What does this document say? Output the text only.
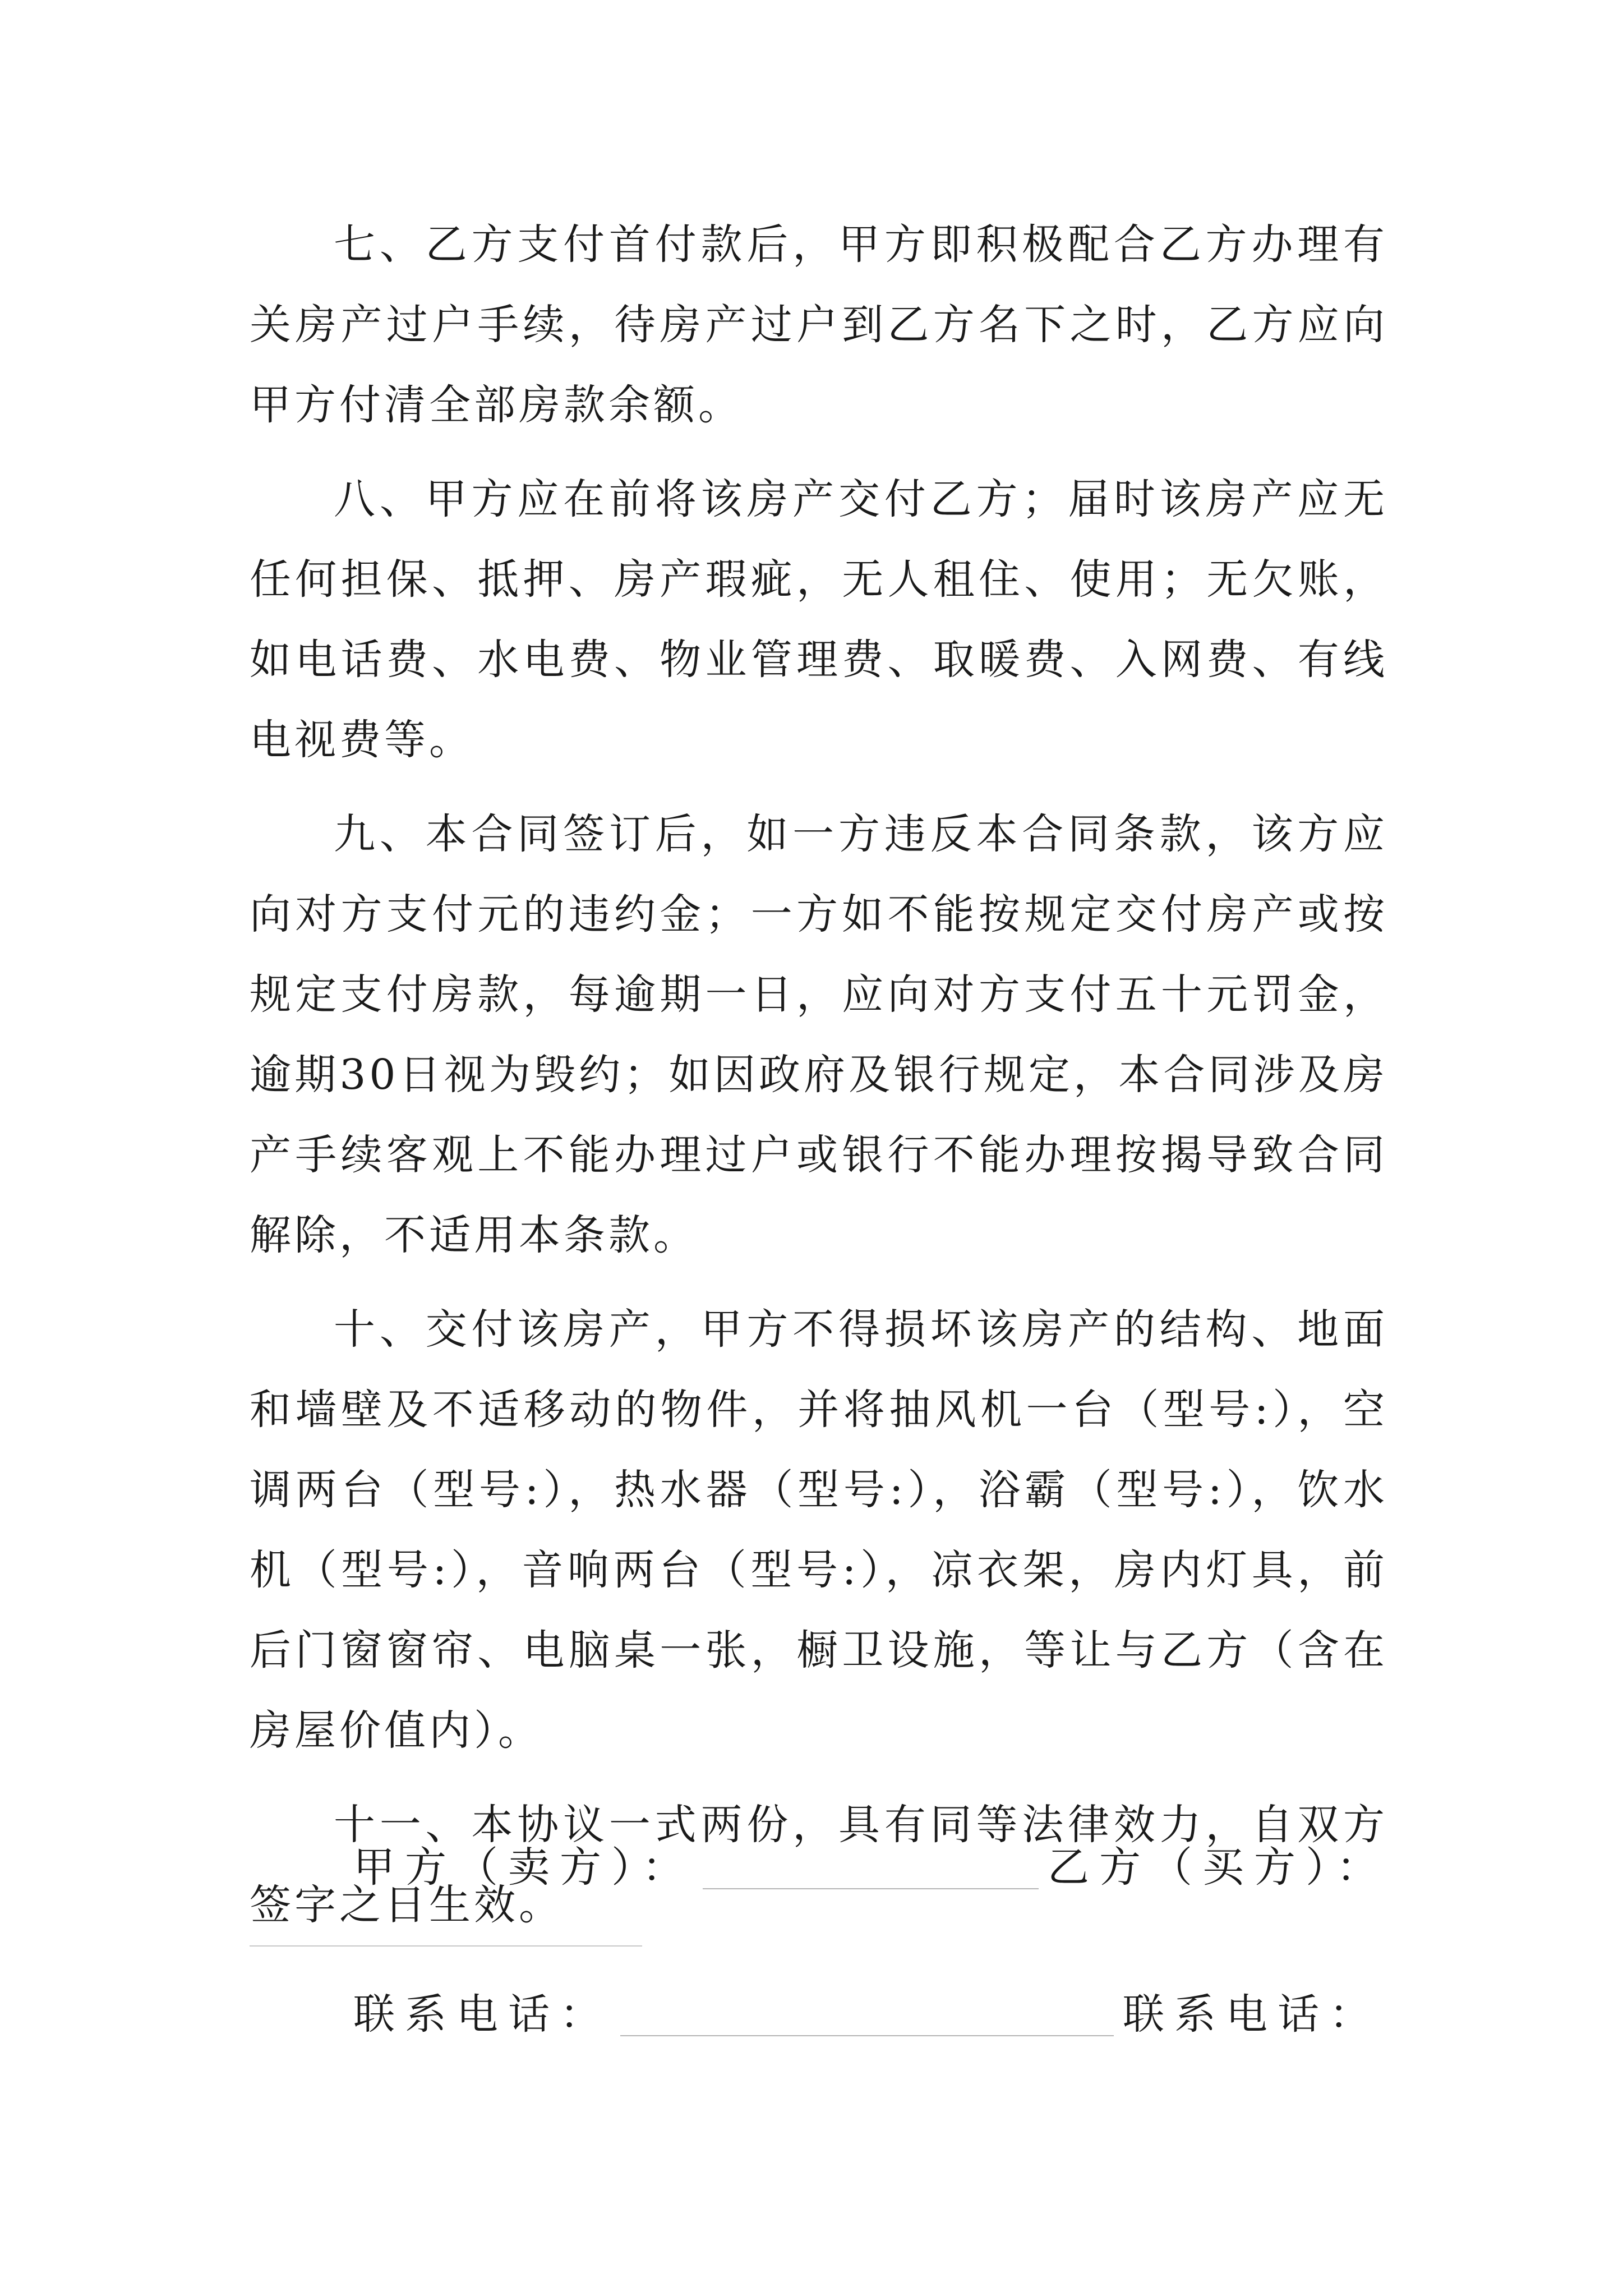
七、乙方支付首付款后，甲方即积极配合乙方办理有关房产过户手续，待房产过户到乙方名下之时，乙方应向甲方付清全部房款余额。

八、甲方应在前将该房产交付乙方；届时该房产应无任何担保、抵押、房产瑕疵，无人租住、使用；无欠账，如电话费、水电费、物业管理费、取暖费、入网费、有线电视费等。

九、本合同签订后，如一方违反本合同条款，该方应向对方支付元的违约金；一方如不能按规定交付房产或按规定支付房款，每逾期一日，应向对方支付五十元罚金，逾期30日视为毁约；如因政府及银行规定，本合同涉及房产手续客观上不能办理过户或银行不能办理按揭导致合同解除，不适用本条款。

十、交付该房产，甲方不得损坏该房产的结构、地面和墙壁及不适移动的物件，并将抽风机一台（型号:），空调两台（型号:），热水器（型号:），浴霸（型号:），饮水机（型号:），音响两台（型号:），凉衣架，房内灯具，前后门窗窗帘、电脑桌一张，橱卫设施，等让与乙方（含在房屋价值内）。

十一、本协议一式两份，具有同等法律效力，自双方签字之日生效。

甲方（卖方）：	乙方（买方）：
联系电话：	联系电话：
